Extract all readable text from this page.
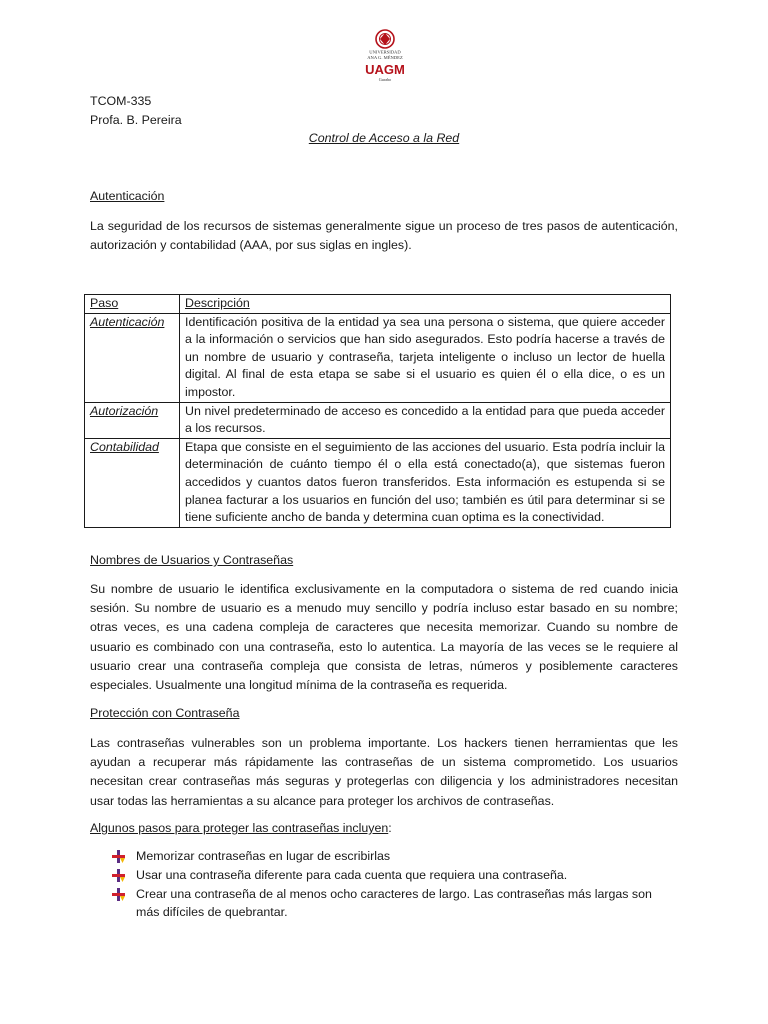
UNIVERSIDAD
ANA G. MÉNDEZ
UAGM
Gurabo
TCOM-335
Profa. B. Pereira
Control de Acceso a la Red
Autenticación

La seguridad de los recursos de sistemas generalmente sigue un proceso de tres pasos de autenticación, autorización y contabilidad (AAA, por sus siglas en ingles).

Paso	Descripción
Autenticación	Identificación positiva de la entidad ya sea una persona o sistema, que quiere acceder a la información o servicios que han sido asegurados. Esto podría hacerse a través de un nombre de usuario y contraseña, tarjeta inteligente o incluso un lector de huella digital. Al final de esta etapa se sabe si el usuario es quien él o ella dice, o es un impostor.
Autorización	Un nivel predeterminado de acceso es concedido a la entidad para que pueda acceder a los recursos.
Contabilidad	Etapa que consiste en el seguimiento de las acciones del usuario. Esta podría incluir la determinación de cuánto tiempo él o ella está conectado(a), que sistemas fueron accedidos y cuantos datos fueron transferidos. Esta información es estupenda si se planea facturar a los usuarios en función del uso; también es útil para determinar si se tiene suficiente ancho de banda y determina cuan optima es la conectividad.
Nombres de Usuarios y Contraseñas

Su nombre de usuario le identifica exclusivamente en la computadora o sistema de red cuando inicia sesión. Su nombre de usuario es a menudo muy sencillo y podría incluso estar basado en su nombre; otras veces, es una cadena compleja de caracteres que necesita memorizar. Cuando su nombre de usuario es combinado con una contraseña, esto lo autentica. La mayoría de las veces se le requiere al usuario crear una contraseña compleja que consista de letras, números y posiblemente caracteres especiales. Usualmente una longitud mínima de la contraseña es requerida.

Protección con Contraseña

Las contraseñas vulnerables son un problema importante. Los hackers tienen herramientas que les ayudan a recuperar más rápidamente las contraseñas de un sistema comprometido. Los usuarios necesitan crear contraseñas más seguras y protegerlas con diligencia y los administradores necesitan usar todas las herramientas a su alcance para proteger los archivos de contraseñas.

Algunos pasos para proteger las contraseñas incluyen:
Memorizar contraseñas en lugar de escribirlas
Usar una contraseña diferente para cada cuenta que requiera una contraseña.
Crear una contraseña de al menos ocho caracteres de largo. Las contraseñas más largas son más difíciles de quebrantar.
